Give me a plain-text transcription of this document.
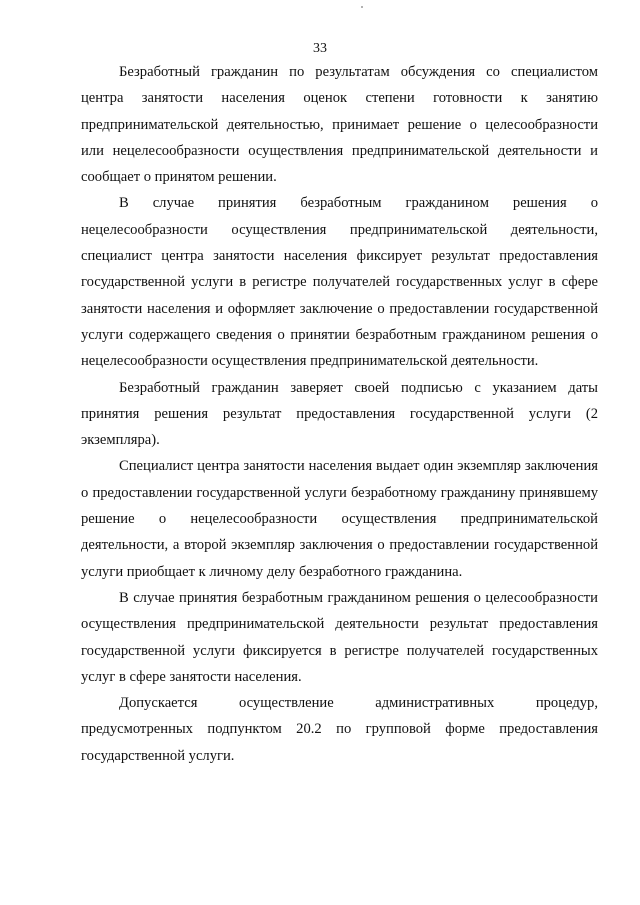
33

Безработный гражданин по результатам обсуждения со специалистом центра занятости населения оценок степени готовности к занятию предпринимательской деятельностью, принимает решение о целесообразности или нецелесообразности осуществления предпринимательской деятельности и сообщает о принятом решении.

В случае принятия безработным гражданином решения о нецелесообразности осуществления предпринимательской деятельности, специалист центра занятости населения фиксирует результат предоставления государственной услуги в регистре получателей государственных услуг в сфере занятости населения и оформляет заключение о предоставлении государственной услуги содержащего сведения о принятии безработным гражданином решения о нецелесообразности осуществления предпринимательской деятельности.

Безработный гражданин заверяет своей подписью с указанием даты принятия решения результат предоставления государственной услуги (2 экземпляра).

Специалист центра занятости населения выдает один экземпляр заключения о предоставлении государственной услуги безработному гражданину принявшему решение о нецелесообразности осуществления предпринимательской деятельности, а второй экземпляр заключения о предоставлении государственной услуги приобщает к личному делу безработного гражданина.

В случае принятия безработным гражданином решения о целесообразности осуществления предпринимательской деятельности результат предоставления государственной услуги фиксируется в регистре получателей государственных услуг в сфере занятости населения.

Допускается осуществление административных процедур, предусмотренных подпунктом 20.2 по групповой форме предоставления государственной услуги.
